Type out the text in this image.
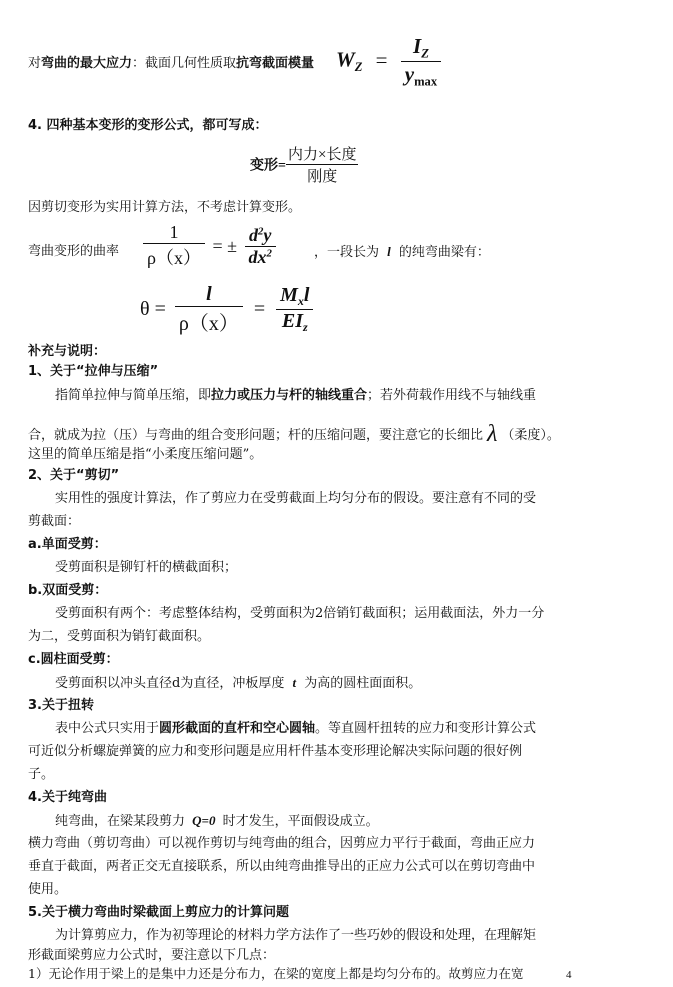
对弯曲的最大应力：截面几何性质取抗弯截面模量 $W_Z = \frac{I_Z}{y_{max}}$
4. 四种基本变形的变形公式，都可写成：
变形= $\frac{\text{内力×长度}}{\text{刚度}}$
因剪切变形为实用计算方法，不考虑计算变形。
弯曲变形的曲率 $\frac{1}{\rho(x)}$ = ± $\frac{d^2y}{dx^2}$	，一段长为 l 的纯弯曲梁有：
$\theta = \frac{l}{\rho(x)} = \frac{M_xl}{EI_z}$
补充与说明：
1、关于“拉伸与压缩”
指简单拉伸与简单压缩，即拉力或压力与杆的轴线重合；若外荷载作用线不与轴线重
合，就成为拉（压）与弯曲的组合变形问题；杆的压缩问题，要注意它的长细比 λ （柔度）。
这里的简单压缩是指“小柔度压缩问题”。
2、关于“剪切”
实用性的强度计算法，作了剪应力在受剪截面上均匀分布的假设。要注意有不同的受
剪截面：
a.单面受剪：
受剪面积是铆钉杆的横截面积；
b.双面受剪：
受剪面积有两个：考虑整体结构，受剪面积为2倍销钉截面积；运用截面法，外力一分
为二，受剪面积为销钉截面积。
c.圆柱面受剪：
受剪面积以冲头直径d为直径，冲板厚度 t 为高的圆柱面面积。
3.关于扭转
表中公式只实用于圆形截面的直杆和空心圆轴。等直圆杆扭转的应力和变形计算公式
可近似分析螺旋弹簧的应力和变形问题是应用杆件基本变形理论解决实际问题的很好例
子。
4.关于纯弯曲
纯弯曲，在梁某段剪力 Q=0 时才发生，平面假设成立。
横力弯曲（剪切弯曲）可以视作剪切与纯弯曲的组合，因剪应力平行于截面，弯曲正应力
垂直于截面，两者正交无直接联系，所以由纯弯曲推导出的正应力公式可以在剪切弯曲中
使用。
5.关于横力弯曲时梁截面上剪应力的计算问题
为计算剪应力，作为初等理论的材料力学方法作了一些巧妙的假设和处理，在理解矩
形截面梁剪应力公式时，要注意以下几点：
1）无论作用于梁上的是集中力还是分布力，在梁的宽度上都是均匀分布的。故剪应力在宽	4
